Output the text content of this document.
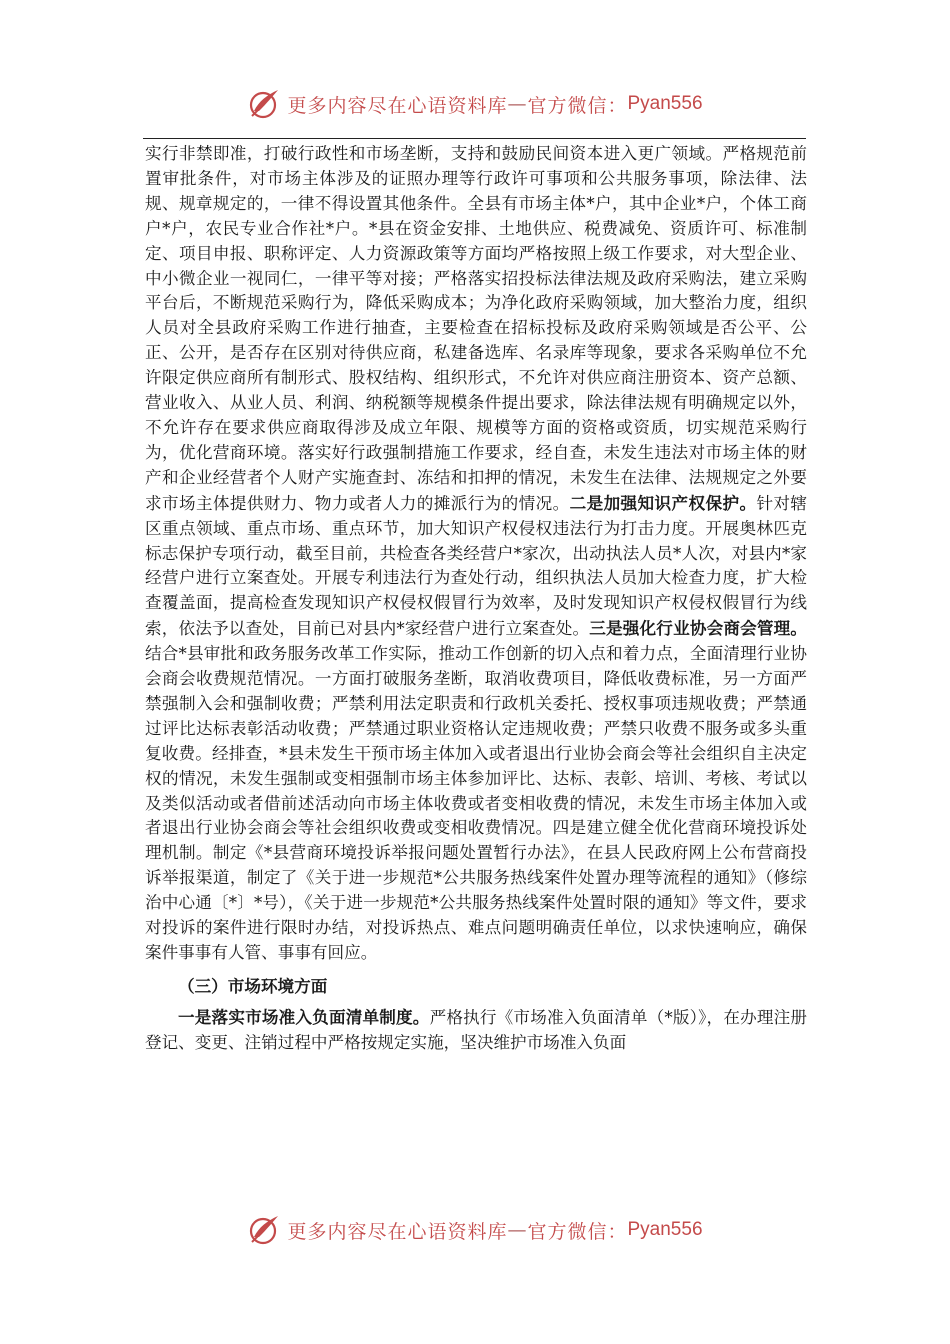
更多内容尽在心语资料库 — 官方微信： Pyan556

实行非禁即准，打破行政性和市场垄断，支持和鼓励民间资本进入更广领域。严格规范前置审批条件，对市场主体涉及的证照办理等行政许可事项和公共服务事项，除法律、法规、规章规定的，一律不得设置其他条件。全县有市场主体*户，其中企业*户，个体工商户*户，农民专业合作社*户。*县在资金安排、土地供应、税费减免、资质许可、标准制定、项目申报、职称评定、人力资源政策等方面均严格按照上级工作要求，对大型企业、中小微企业一视同仁，一律平等对接；严格落实招投标法律法规及政府采购法，建立采购平台后，不断规范采购行为，降低采购成本；为净化政府采购领域，加大整治力度，组织人员对全县政府采购工作进行抽查，主要检查在招标投标及政府采购领域是否公平、公正、公开，是否存在区别对待供应商，私建备选库、名录库等现象，要求各采购单位不允许限定供应商所有制形式、股权结构、组织形式，不允许对供应商注册资本、资产总额、营业收入、从业人员、利润、纳税额等规模条件提出要求，除法律法规有明确规定以外，不允许存在要求供应商取得涉及成立年限、规模等方面的资格或资质，切实规范采购行为，优化营商环境。落实好行政强制措施工作要求，经自查，未发生违法对市场主体的财产和企业经营者个人财产实施查封、冻结和扣押的情况，未发生在法律、法规规定之外要求市场主体提供财力、物力或者人力的摊派行为的情况。二是加强知识产权保护。针对辖区重点领域、重点市场、重点环节，加大知识产权侵权违法行为打击力度。开展奥林匹克标志保护专项行动，截至目前，共检查各类经营户*家次，出动执法人员*人次，对县内*家经营户进行立案查处。开展专利违法行为查处行动，组织执法人员加大检查力度，扩大检查覆盖面，提高检查发现知识产权侵权假冒行为效率，及时发现知识产权侵权假冒行为线索，依法予以查处，目前已对县内*家经营户进行立案查处。三是强化行业协会商会管理。结合*县审批和政务服务改革工作实际，推动工作创新的切入点和着力点，全面清理行业协会商会收费规范情况。一方面打破服务垄断，取消收费项目，降低收费标准，另一方面严禁强制入会和强制收费；严禁利用法定职责和行政机关委托、授权事项违规收费；严禁通过评比达标表彰活动收费；严禁通过职业资格认定违规收费；严禁只收费不服务或多头重复收费。经排查，*县未发生干预市场主体加入或者退出行业协会商会等社会组织自主决定权的情况，未发生强制或变相强制市场主体参加评比、达标、表彰、培训、考核、考试以及类似活动或者借前述活动向市场主体收费或者变相收费的情况，未发生市场主体加入或者退出行业协会商会等社会组织收费或变相收费情况。四是建立健全优化营商环境投诉处理机制。制定《*县营商环境投诉举报问题处置暂行办法》，在县人民政府网上公布营商投诉举报渠道，制定了《关于进一步规范*公共服务热线案件处置办理等流程的通知》（修综治中心通〔*〕*号），《关于进一步规范*公共服务热线案件处置时限的通知》等文件，要求对投诉的案件进行限时办结，对投诉热点、难点问题明确责任单位，以求快速响应，确保案件事事有人管、事事有回应。

（三）市场环境方面

一是落实市场准入负面清单制度。严格执行《市场准入负面清单（*版）》，在办理注册登记、变更、注销过程中严格按规定实施，坚决维护市场准入负面

更多内容尽在心语资料库 — 官方微信： Pyan556
